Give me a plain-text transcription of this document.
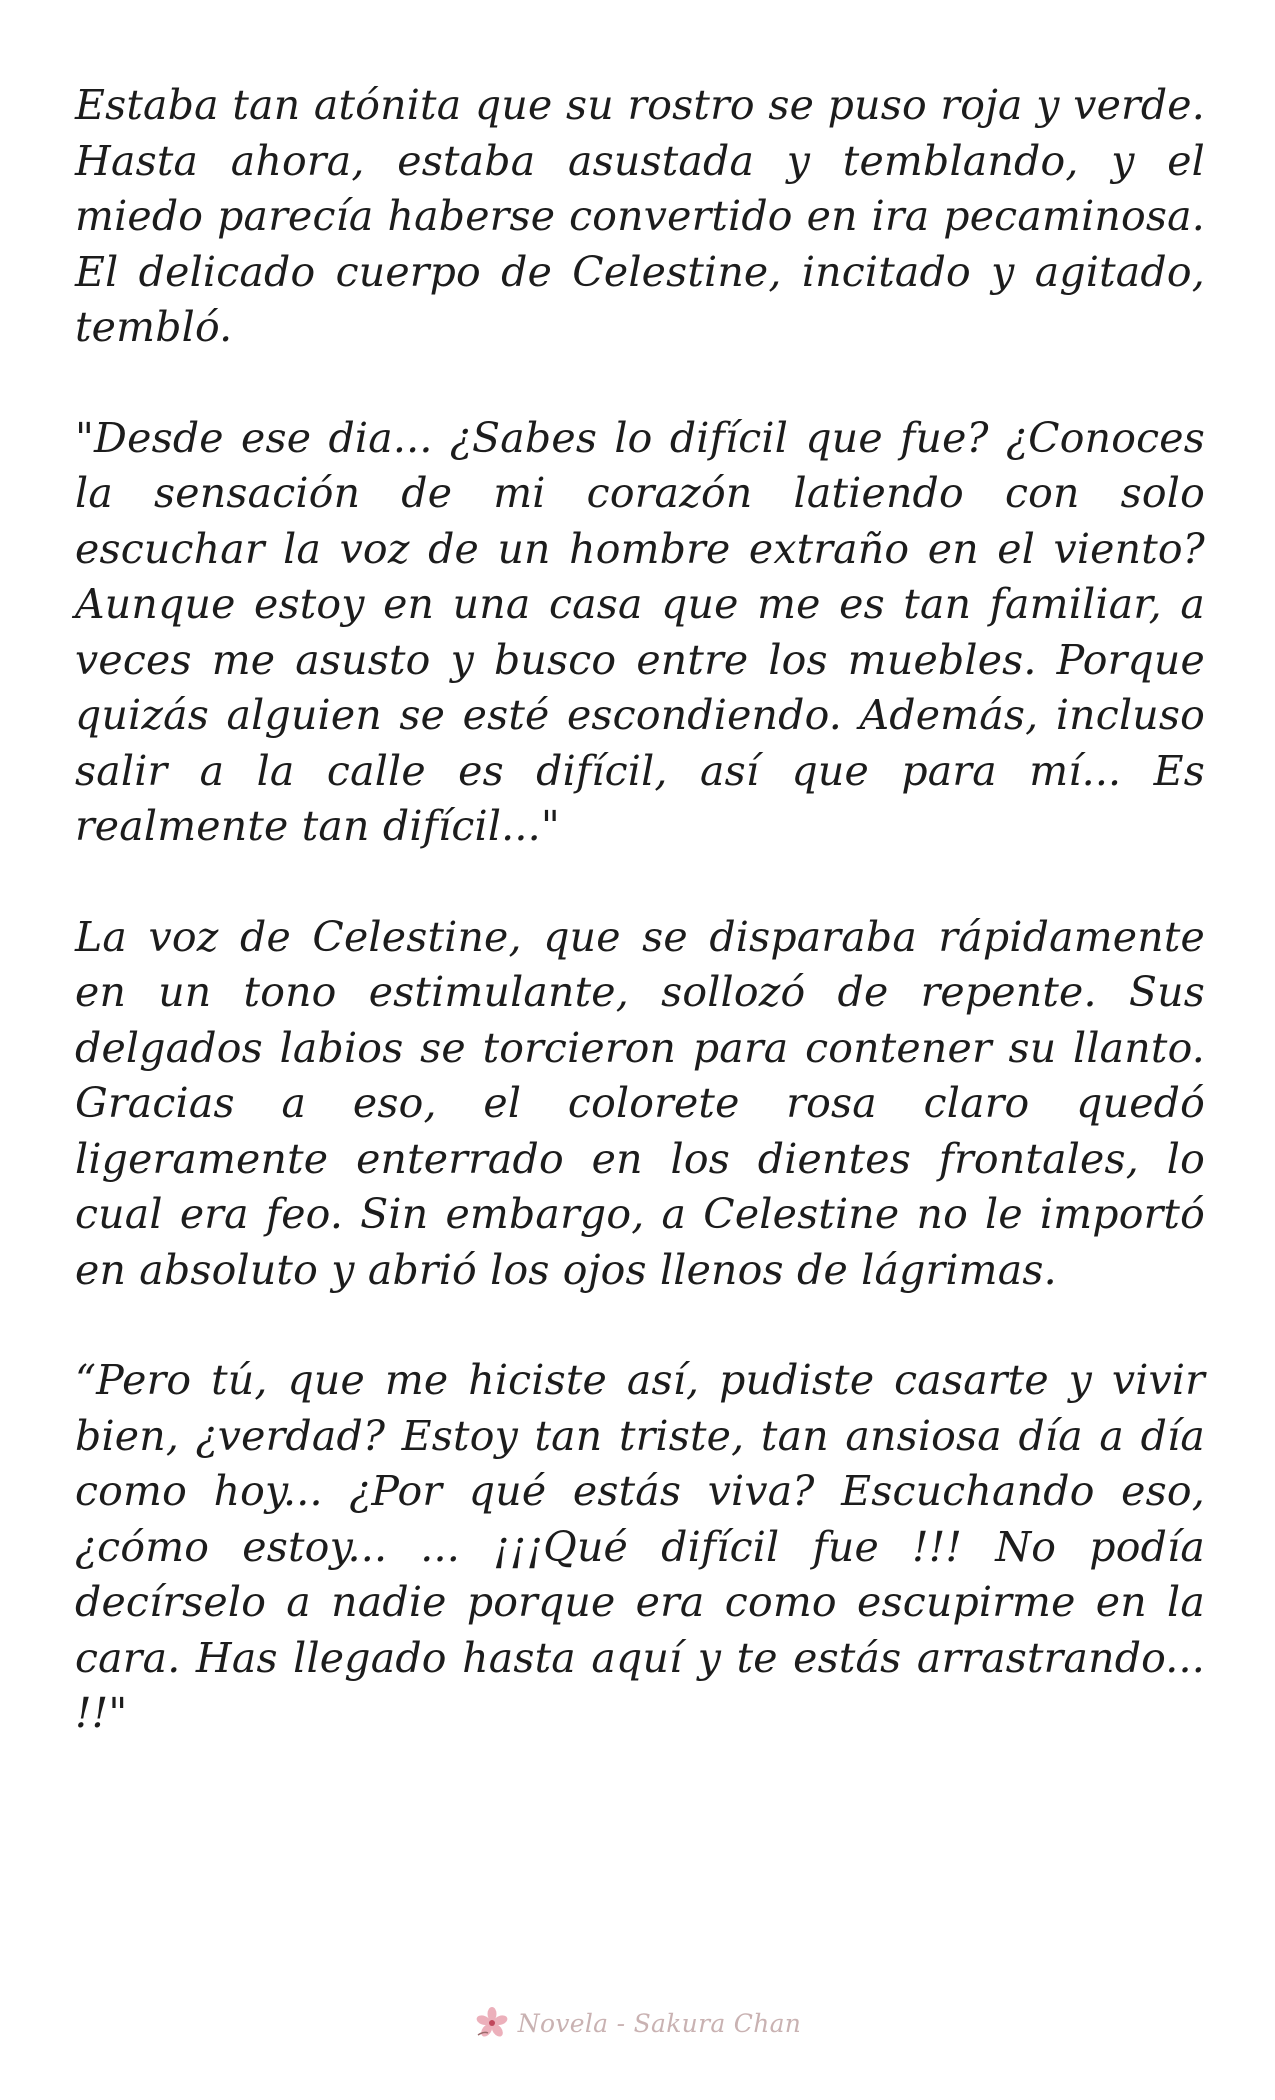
Estaba tan atónita que su rostro se puso roja y verde. Hasta ahora, estaba asustada y temblando, y el miedo parecía haberse convertido en ira pecaminosa. El delicado cuerpo de Celestine, incitado y agitado, tembló.

"Desde ese dia... ¿Sabes lo difícil que fue? ¿Conoces la sensación de mi corazón latiendo con solo escuchar la voz de un hombre extraño en el viento? Aunque estoy en una casa que me es tan familiar, a veces me asusto y busco entre los muebles. Porque quizás alguien se esté escondiendo. Además, incluso salir a la calle es difícil, así que para mí... Es realmente tan difícil..."

La voz de Celestine, que se disparaba rápidamente en un tono estimulante, sollozó de repente. Sus delgados labios se torcieron para contener su llanto. Gracias a eso, el colorete rosa claro quedó ligeramente enterrado en los dientes frontales, lo cual era feo. Sin embargo, a Celestine no le importó en absoluto y abrió los ojos llenos de lágrimas.

“Pero tú, que me hiciste así, pudiste casarte y vivir bien, ¿verdad? Estoy tan triste, tan ansiosa día a día como hoy... ¿Por qué estás viva? Escuchando eso, ¿cómo estoy... ... ¡¡¡Qué difícil fue !!! No podía decírselo a nadie porque era como escupirme en la cara. Has llegado hasta aquí y te estás arrastrando... !!"

Novela - Sakura Chan
